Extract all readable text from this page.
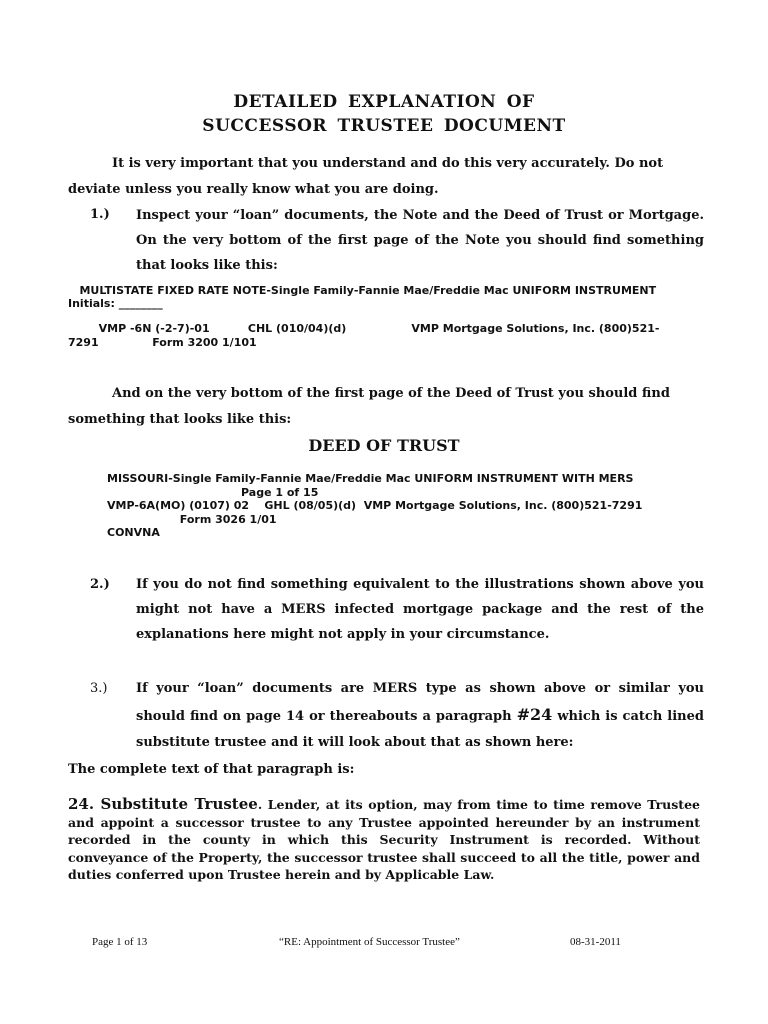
DETAILED EXPLANATION OF
SUCCESSOR TRUSTEE DOCUMENT
It is very important that you understand and do this very accurately. Do not deviate unless you really know what you are doing.
1.) Inspect your “loan” documents, the Note and the Deed of Trust or Mortgage. On the very bottom of the first page of the Note you should find something that looks like this:
MULTISTATE FIXED RATE NOTE-Single Family-Fannie Mae/Freddie Mac UNIFORM INSTRUMENT
Initials: ________
VMP -6N (-2-7)-01          CHL (010/04)(d)                 VMP Mortgage Solutions, Inc. (800)521-
7291              Form 3200 1/101
And on the very bottom of the first page of the Deed of Trust you should find something that looks like this:
DEED OF TRUST
MISSOURI-Single Family-Fannie Mae/Freddie Mac UNIFORM INSTRUMENT WITH MERS
Page 1 of 15
VMP-6A(MO) (0107) 02    GHL (08/05)(d)  VMP Mortgage Solutions, Inc. (800)521-7291
Form 3026 1/01
CONVNA
2.) If you do not find something equivalent to the illustrations shown above you might not have a MERS infected mortgage package and the rest of the explanations here might not apply in your circumstance.
3.) If your “loan” documents are MERS type as shown above or similar you should find on page 14 or thereabouts a paragraph #24 which is catch lined substitute trustee and it will look about that as shown here:
The complete text of that paragraph is:
24. Substitute Trustee. Lender, at its option, may from time to time remove Trustee and appoint a successor trustee to any Trustee appointed hereunder by an instrument recorded in the county in which this Security Instrument is recorded. Without conveyance of the Property, the successor trustee shall succeed to all the title, power and duties conferred upon Trustee herein and by Applicable Law.
Page 1 of 13	“RE: Appointment of Successor Trustee”	08-31-2011
